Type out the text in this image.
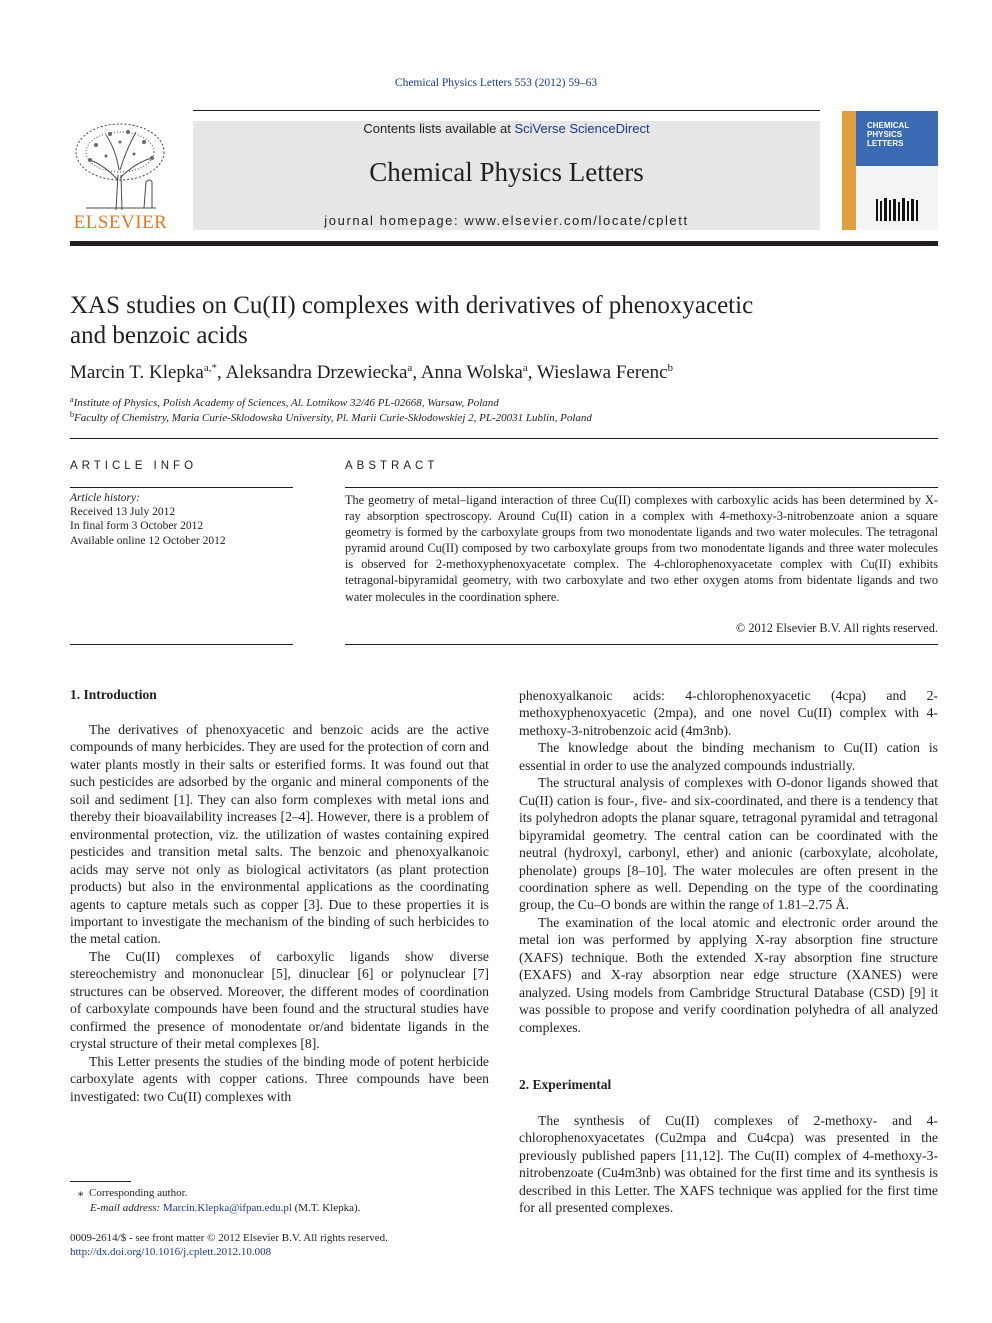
Chemical Physics Letters 553 (2012) 59–63
ELSEVIER
Contents lists available at SciVerse ScienceDirect
Chemical Physics Letters
journal homepage: www.elsevier.com/locate/cplett
CHEMICAL
PHYSICS
LETTERS
XAS studies on Cu(II) complexes with derivatives of phenoxyacetic
and benzoic acids
Marcin T. Klepka$^{a,*}$, Aleksandra Drzewiecka$^a$, Anna Wolska$^a$, Wieslawa Ferenc$^b$
$^a$Institute of Physics, Polish Academy of Sciences, Al. Lotnikow 32/46 PL-02668, Warsaw, Poland
$^b$Faculty of Chemistry, Maria Curie-Sklodowska University, Pl. Marii Curie-Skłodowskiej 2, PL-20031 Lublin, Poland
ARTICLE INFO
Article history:
Received 13 July 2012
In final form 3 October 2012
Available online 12 October 2012
ABSTRACT
The geometry of metal–ligand interaction of three Cu(II) complexes with carboxylic acids has been determined by X-ray absorption spectroscopy. Around Cu(II) cation in a complex with 4-methoxy-3-nitrobenzoate anion a square geometry is formed by the carboxylate groups from two monodentate ligands and two water molecules. The tetragonal pyramid around Cu(II) composed by two carboxylate groups from two monodentate ligands and three water molecules is observed for 2-methoxyphenoxyacetate complex. The 4-chlorophenoxyacetate complex with Cu(II) exhibits tetragonal-bipyramidal geometry, with two carboxylate and two ether oxygen atoms from bidentate ligands and two water molecules in the coordination sphere.
© 2012 Elsevier B.V. All rights reserved.
1. Introduction

The derivatives of phenoxyacetic and benzoic acids are the active compounds of many herbicides. They are used for the protection of corn and water plants mostly in their salts or esterified forms. It was found out that such pesticides are adsorbed by the organic and mineral components of the soil and sediment [1]. They can also form complexes with metal ions and thereby their bioavailability increases [2–4]. However, there is a problem of environmental protection, viz. the utilization of wastes containing expired pesticides and transition metal salts. The benzoic and phenoxyalkanoic acids may serve not only as biological activitators (as plant protection products) but also in the environmental applications as the coordinating agents to capture metals such as copper [3]. Due to these properties it is important to investigate the mechanism of the binding of such herbicides to the metal cation.

The Cu(II) complexes of carboxylic ligands show diverse stereochemistry and mononuclear [5], dinuclear [6] or polynuclear [7] structures can be observed. Moreover, the different modes of coordination of carboxylate compounds have been found and the structural studies have confirmed the presence of monodentate or/and bidentate ligands in the crystal structure of their metal complexes [8].

This Letter presents the studies of the binding mode of potent herbicide carboxylate agents with copper cations. Three compounds have been investigated: two Cu(II) complexes with

⁎ Corresponding author.
E-mail address: Marcin.Klepka@ifpan.edu.pl (M.T. Klepka).
0009-2614/$ - see front matter © 2012 Elsevier B.V. All rights reserved.
http://dx.doi.org/10.1016/j.cplett.2012.10.008

phenoxyalkanoic acids: 4-chlorophenoxyacetic (4cpa) and 2-methoxyphenoxyacetic (2mpa), and one novel Cu(II) complex with 4-methoxy-3-nitrobenzoic acid (4m3nb).

The knowledge about the binding mechanism to Cu(II) cation is essential in order to use the analyzed compounds industrially.

The structural analysis of complexes with O-donor ligands showed that Cu(II) cation is four-, five- and six-coordinated, and there is a tendency that its polyhedron adopts the planar square, tetragonal pyramidal and tetragonal bipyramidal geometry. The central cation can be coordinated with the neutral (hydroxyl, carbonyl, ether) and anionic (carboxylate, alcoholate, phenolate) groups [8–10]. The water molecules are often present in the coordination sphere as well. Depending on the type of the coordinating group, the Cu–O bonds are within the range of 1.81–2.75 Å.

The examination of the local atomic and electronic order around the metal ion was performed by applying X-ray absorption fine structure (XAFS) technique. Both the extended X-ray absorption fine structure (EXAFS) and X-ray absorption near edge structure (XANES) were analyzed. Using models from Cambridge Structural Database (CSD) [9] it was possible to propose and verify coordination polyhedra of all analyzed complexes.

2. Experimental

The synthesis of Cu(II) complexes of 2-methoxy- and 4-chlorophenoxyacetates (Cu2mpa and Cu4cpa) was presented in the previously published papers [11,12]. The Cu(II) complex of 4-methoxy-3-nitrobenzoate (Cu4m3nb) was obtained for the first time and its synthesis is described in this Letter. The XAFS technique was applied for the first time for all presented complexes.
